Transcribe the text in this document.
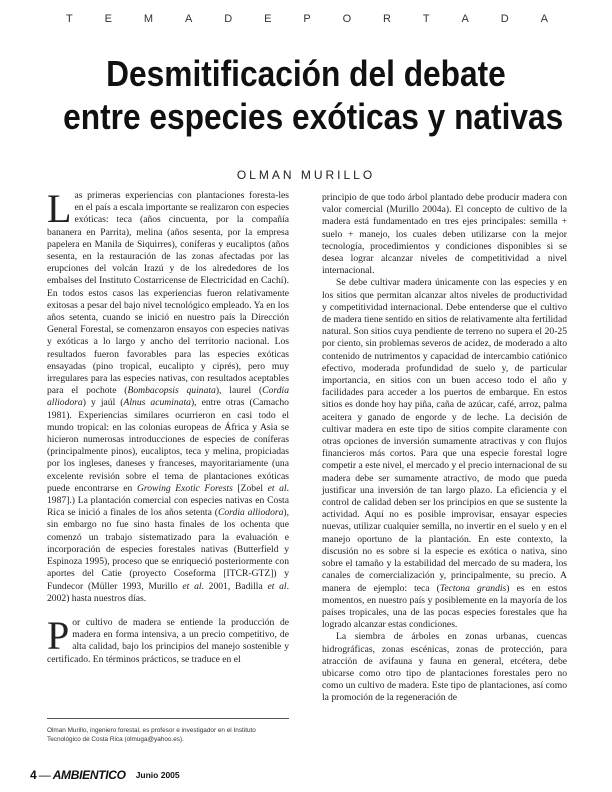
T	E	M	A	D	E	P	O	R	T	A	D	A
Desmitificación del debate
entre especies exóticas y nativas
OLMAN MURILLO

Las primeras experiencias con plantaciones foresta-les en el país a escala importante se realizaron con especies exóticas: teca (años cincuenta, por la compañía bananera en Parrita), melina (años sesenta, por la empresa papelera en Manila de Siquirres), coníferas y eucaliptos (años sesenta, en la restauración de las zonas afectadas por las erupciones del volcán Irazú y de los alrededores de los embalses del Instituto Costarricense de Electricidad en Cachí). En todos estos casos las experiencias fueron relativamente exitosas a pesar del bajo nivel tecnológico empleado. Ya en los años setenta, cuando se inició en nuestro país la Dirección General Forestal, se comenzaron ensayos con especies nativas y exóticas a lo largo y ancho del territorio nacional. Los resultados fueron favorables para las especies exóticas ensayadas (pino tropical, eucalipto y ciprés), pero muy irregulares para las especies nativas, con resultados aceptables para el pochote (Bombacopsis quinata), laurel (Cordia alliodora) y jaúl (Alnus acuminata), entre otras (Camacho 1981). Experiencias similares ocurrieron en casi todo el mundo tropical: en las colonias europeas de África y Asia se hicieron numerosas introducciones de especies de coníferas (principalmente pinos), eucaliptos, teca y melina, propiciadas por los ingleses, daneses y franceses, mayoritariamente (una excelente revisión sobre el tema de plantaciones exóticas puede encontrarse en Growing Exotic Forests [Zobel et al. 1987].) La plantación comercial con especies nativas en Costa Rica se inició a finales de los años setenta (Cordia alliodora), sin embargo no fue sino hasta finales de los ochenta que comenzó un trabajo sistematizado para la evaluación e incorporación de especies forestales nativas (Butterfield y Espinoza 1995), proceso que se enriqueció posteriormente con aportes del Catie (proyecto Coseforma [ITCR-GTZ]) y Fundecor (Müller 1993, Murillo et al. 2001, Badilla et al. 2002) hasta nuestros días.

Por cultivo de madera se entiende la producción de madera en forma intensiva, a un precio competitivo, de alta calidad, bajo los principios del manejo sostenible y certificado. En términos prácticos, se traduce en el

principio de que todo árbol plantado debe producir madera con valor comercial (Murillo 2004a). El concepto de cultivo de la madera está fundamentado en tres ejes principales: semilla + suelo + manejo, los cuales deben utilizarse con la mejor tecnología, procedimientos y condiciones disponibles si se desea lograr alcanzar niveles de competitividad a nivel internacional.

Se debe cultivar madera únicamente con las especies y en los sitios que permitan alcanzar altos niveles de productividad y competitividad internacional. Debe entenderse que el cultivo de madera tiene sentido en sitios de relativamente alta fertilidad natural. Son sitios cuya pendiente de terreno no supera el 20-25 por ciento, sin problemas severos de acidez, de moderado a alto contenido de nutrimentos y capacidad de intercambio catiónico efectivo, moderada profundidad de suelo y, de particular importancia, en sitios con un buen acceso todo el año y facilidades para acceder a los puertos de embarque. En estos sitios es donde hoy hay piña, caña de azúcar, café, arroz, palma aceitera y ganado de engorde y de leche. La decisión de cultivar madera en este tipo de sitios compite claramente con otras opciones de inversión sumamente atractivas y con flujos financieros más cortos. Para que una especie forestal logre competir a este nivel, el mercado y el precio internacional de su madera debe ser sumamente atractivo, de modo que pueda justificar una inversión de tan largo plazo. La eficiencia y el control de calidad deben ser los principios en que se sustente la actividad. Aquí no es posible improvisar, ensayar especies nuevas, utilizar cualquier semilla, no invertir en el suelo y en el manejo oportuno de la plantación. En este contexto, la discusión no es sobre si la especie es exótica o nativa, sino sobre el tamaño y la estabilidad del mercado de su madera, los canales de comercialización y, principalmente, su precio. A manera de ejemplo: teca (Tectona grandis) es en estos momentos, en nuestro país y posiblemente en la mayoría de los países tropicales, una de las pocas especies forestales que ha logrado alcanzar estas condiciones.

La siembra de árboles en zonas urbanas, cuencas hidrográficas, zonas escénicas, zonas de protección, para atracción de avifauna y fauna en general, etcétera, debe ubicarse como otro tipo de plantaciones forestales pero no como un cultivo de madera. Este tipo de plantaciones, así como la promoción de la regeneración de

Olman Murillo, ingeniero forestal, es profesor e investigador en el Instituto Tecnológico de Costa Rica (olmuga@yahoo.es).
4 — AMBIENTICO Junio 2005
